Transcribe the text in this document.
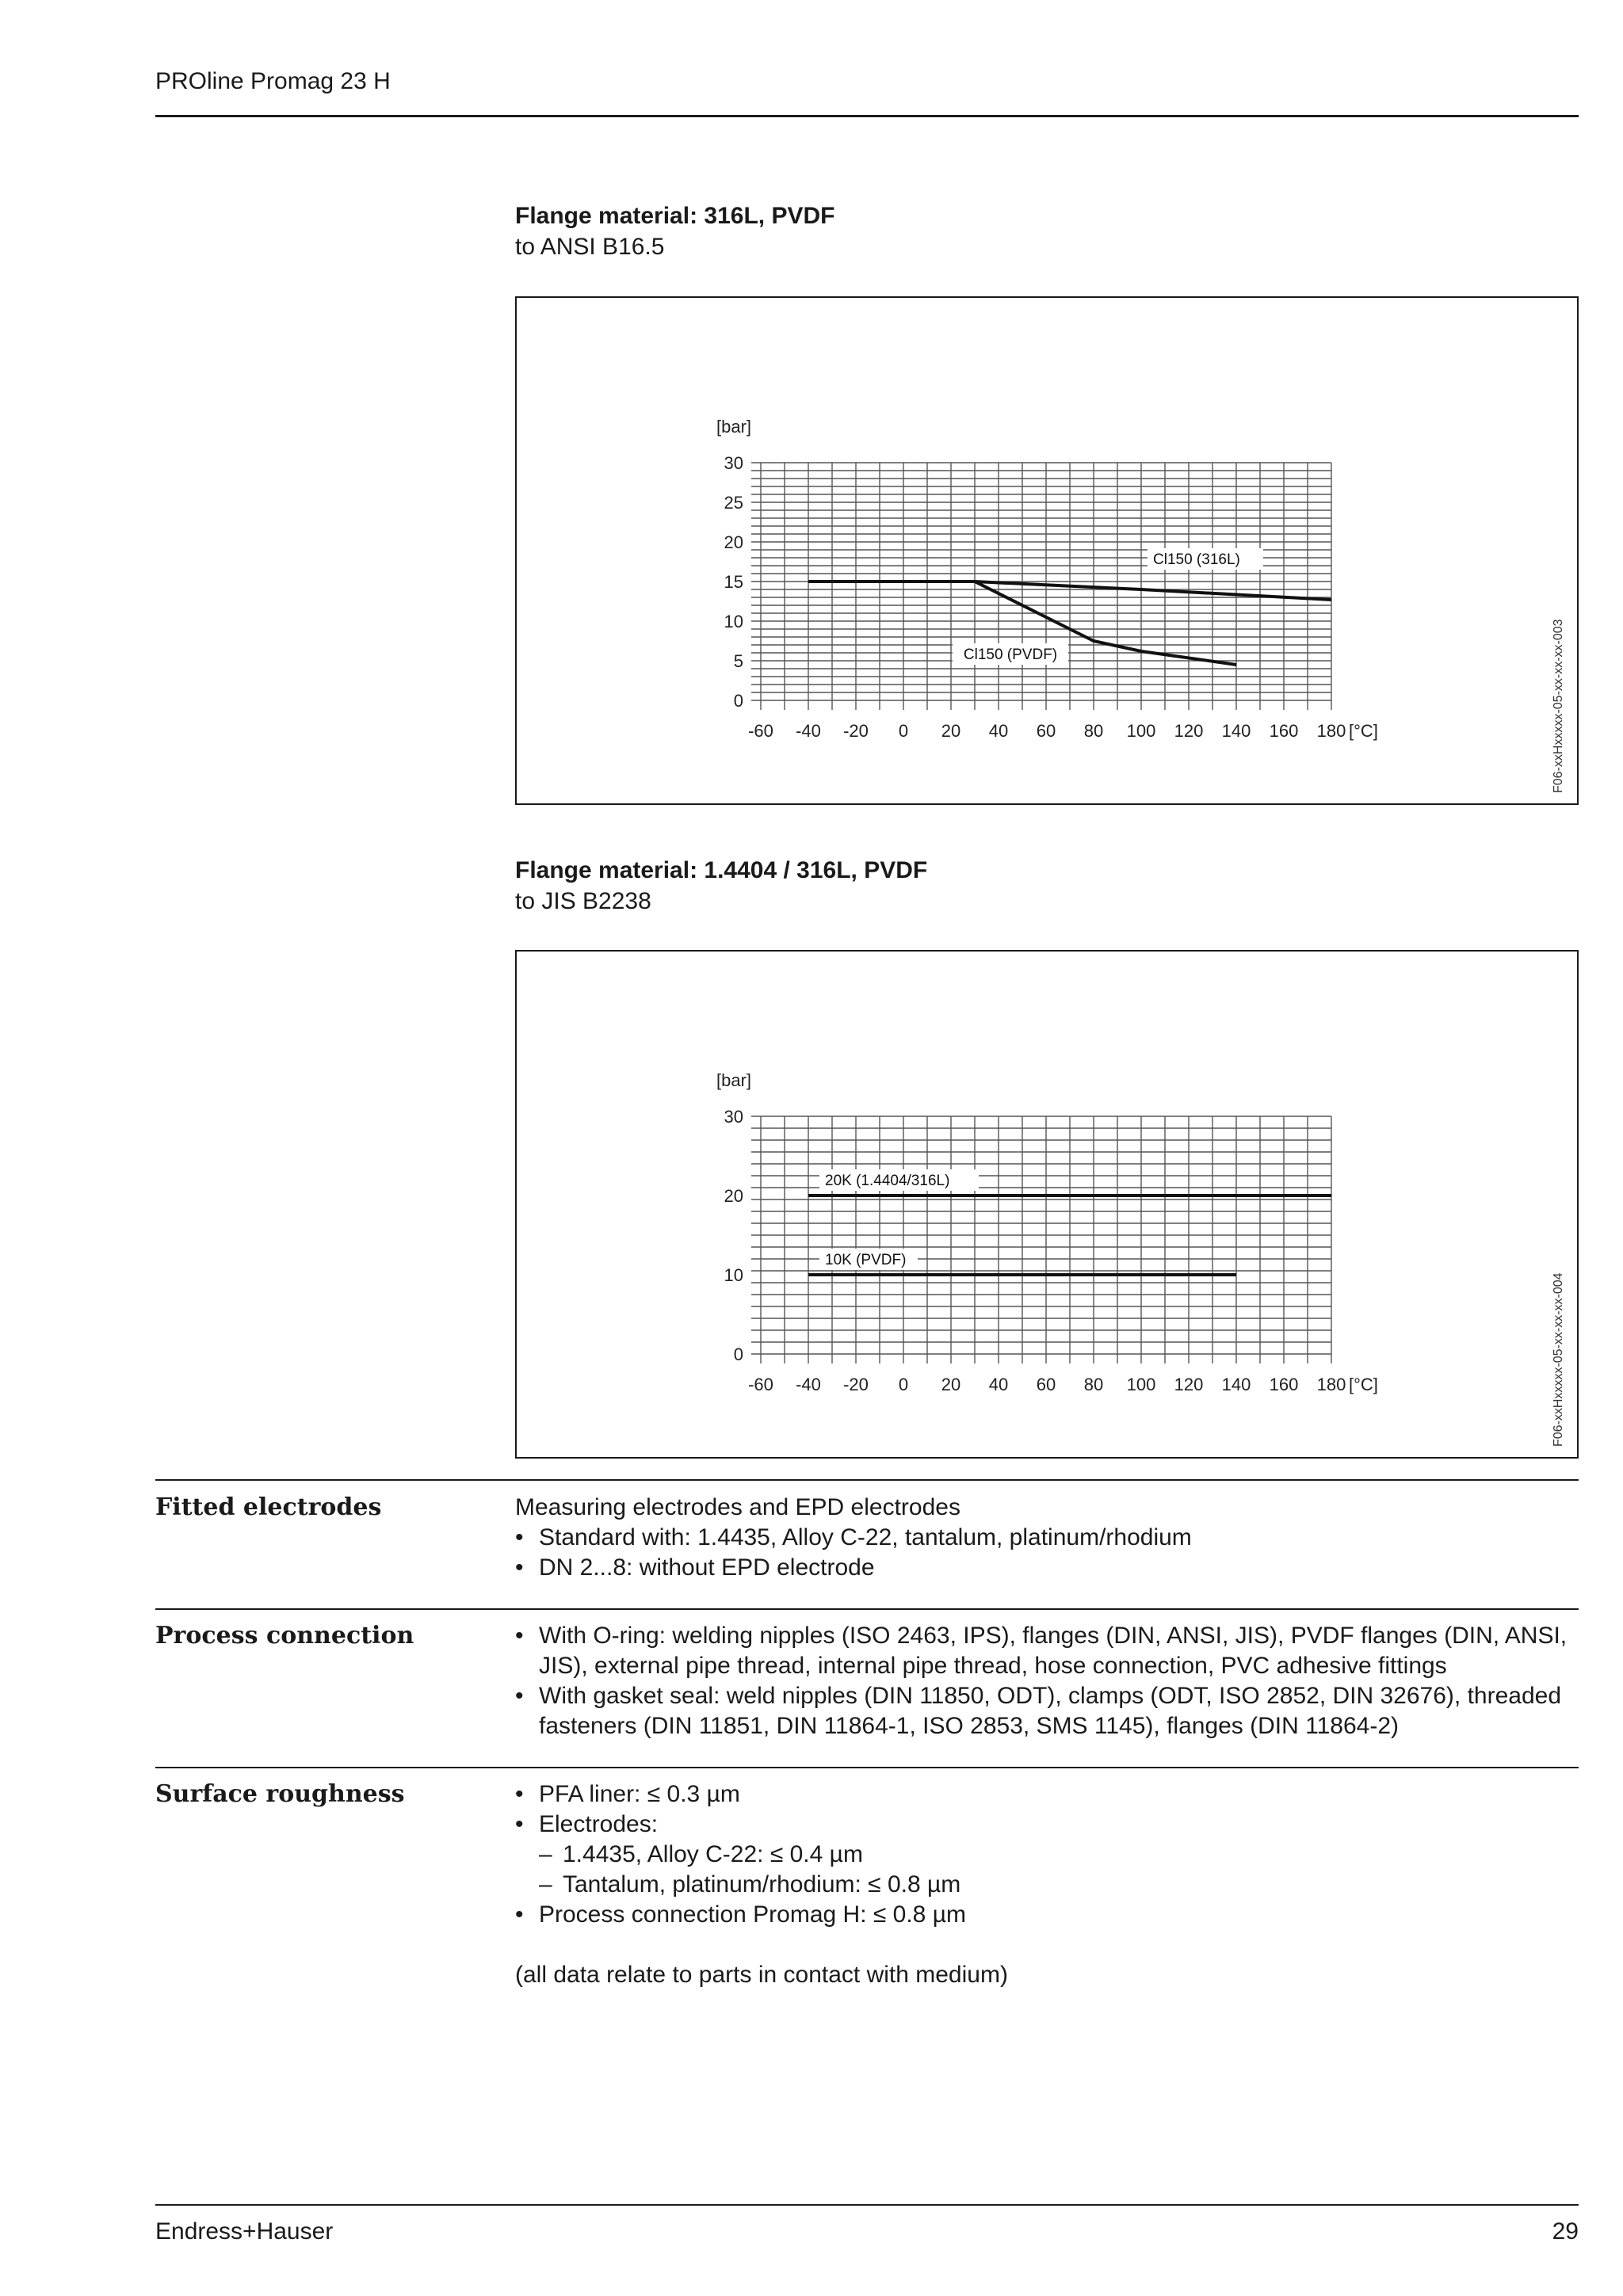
PROline Promag 23 H
Flange material: 316L, PVDF
to ANSI B16.5
[bar]
[°C]
0
5
10
15
20
25
30
-60 -40 -20 0 20 40 60 80 100 120 140 160 180
Cl150 (316L)
Cl150 (PVDF)	F06-xxHxxxxx-05-xx-xx-xx-003
Flange material: 1.4404 / 316L, PVDF
to JIS B2238
[bar]
[°C]
0
10
20
30
-60 -40 -20 0 20 40 60 80 100 120 140 160 180
20K (1.4404/316L)
10K (PVDF)
F06-xxHxxxxx-05-xx-xx-xx-004
Fitted electrodes	Measuring electrodes and EPD electrodes
• Standard with: 1.4435, Alloy C-22, tantalum, platinum/rhodium
• DN 2...8: without EPD electrode
Process connection	• With O-ring: welding nipples (ISO 2463, IPS), flanges (DIN, ANSI, JIS), PVDF flanges (DIN, ANSI, JIS), external pipe thread, internal pipe thread, hose connection, PVC adhesive fittings
• With gasket seal: weld nipples (DIN 11850, ODT), clamps (ODT, ISO 2852, DIN 32676), threaded fasteners (DIN 11851, DIN 11864-1, ISO 2853, SMS 1145), flanges (DIN 11864-2)
Surface roughness	• PFA liner: ≤ 0.3 µm
• Electrodes:
– 1.4435, Alloy C-22: ≤ 0.4 µm
– Tantalum, platinum/rhodium: ≤ 0.8 µm
• Process connection Promag H: ≤ 0.8 µm
(all data relate to parts in contact with medium)
Endress+Hauser	29
